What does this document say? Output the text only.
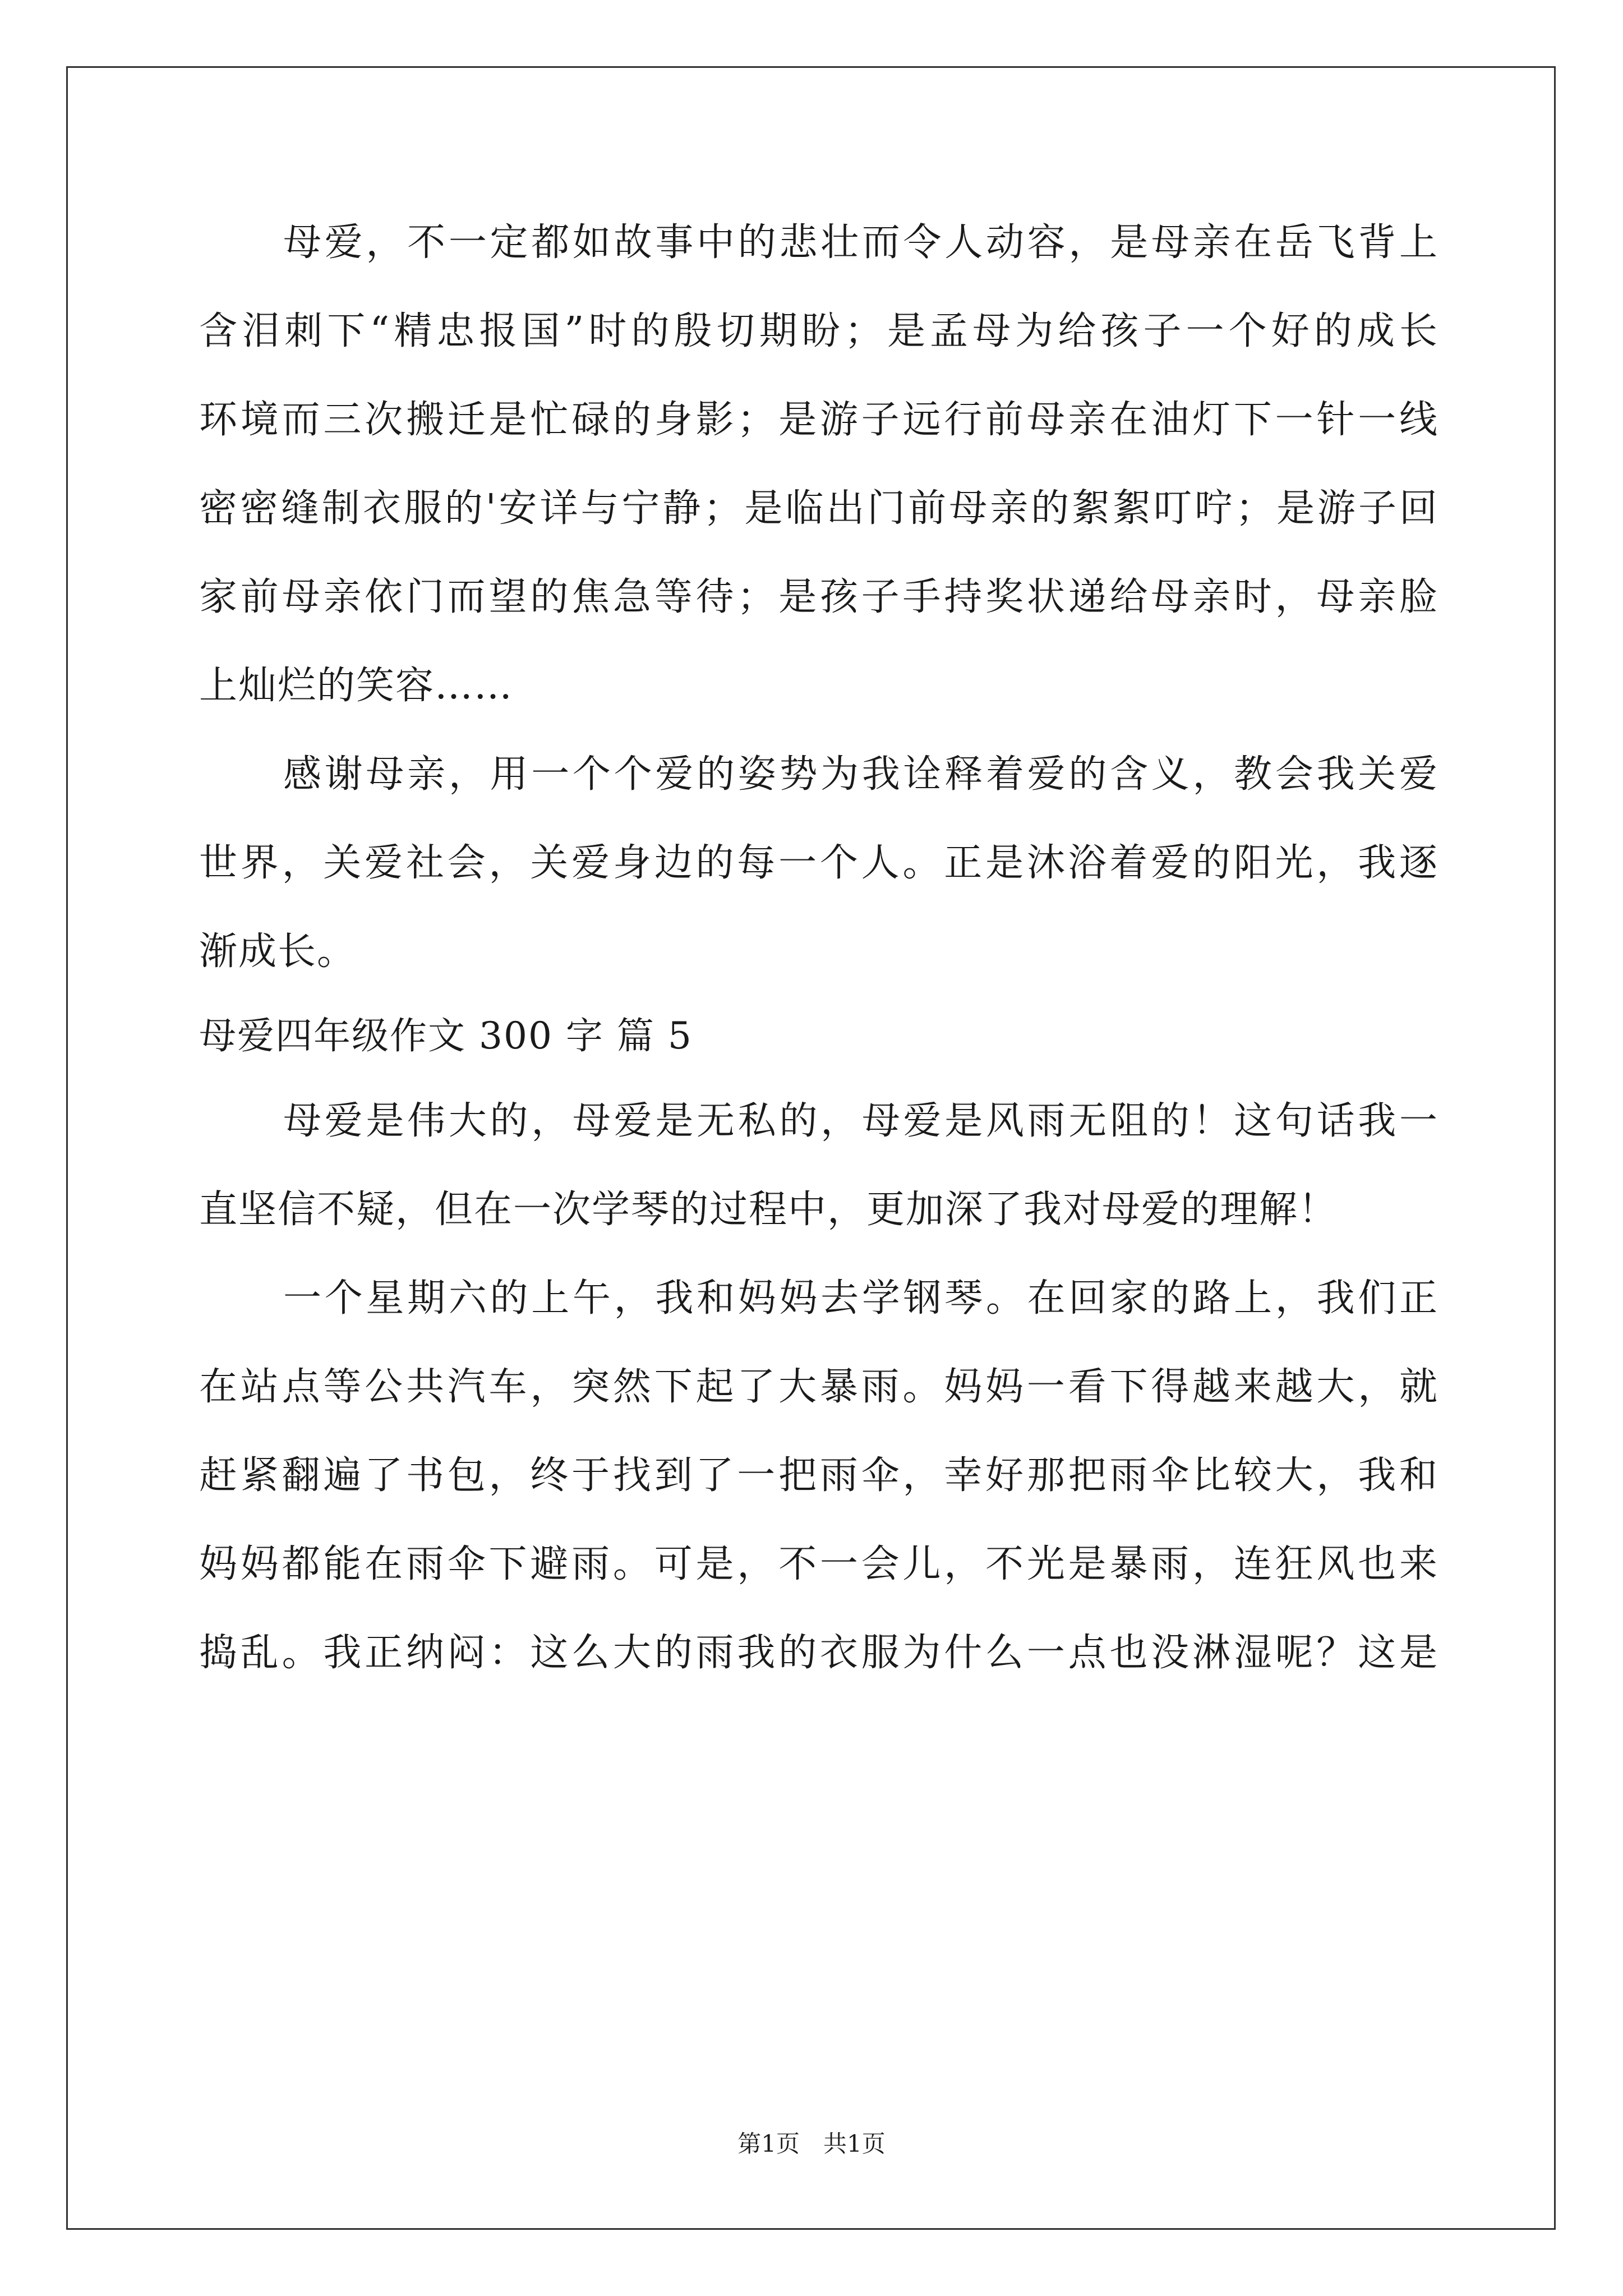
母爱，不一定都如故事中的悲壮而令人动容，是母亲在岳飞背上
含泪刺下“精忠报国”时的殷切期盼；是孟母为给孩子一个好的成长
环境而三次搬迁是忙碌的身影；是游子远行前母亲在油灯下一针一线
密密缝制衣服的'安详与宁静；是临出门前母亲的絮絮叮咛；是游子回
家前母亲依门而望的焦急等待；是孩子手持奖状递给母亲时，母亲脸
上灿烂的笑容……
感谢母亲，用一个个爱的姿势为我诠释着爱的含义，教会我关爱
世界，关爱社会，关爱身边的每一个人。正是沐浴着爱的阳光，我逐
渐成长。
母爱四年级作文 300 字 篇 5
母爱是伟大的，母爱是无私的，母爱是风雨无阻的！这句话我一
直坚信不疑，但在一次学琴的过程中，更加深了我对母爱的理解！
一个星期六的上午，我和妈妈去学钢琴。在回家的路上，我们正
在站点等公共汽车，突然下起了大暴雨。妈妈一看下得越来越大，就
赶紧翻遍了书包，终于找到了一把雨伞，幸好那把雨伞比较大，我和
妈妈都能在雨伞下避雨。可是，不一会儿，不光是暴雨，连狂风也来
捣乱。我正纳闷：这么大的雨我的衣服为什么一点也没淋湿呢？这是
第1页　共1页
